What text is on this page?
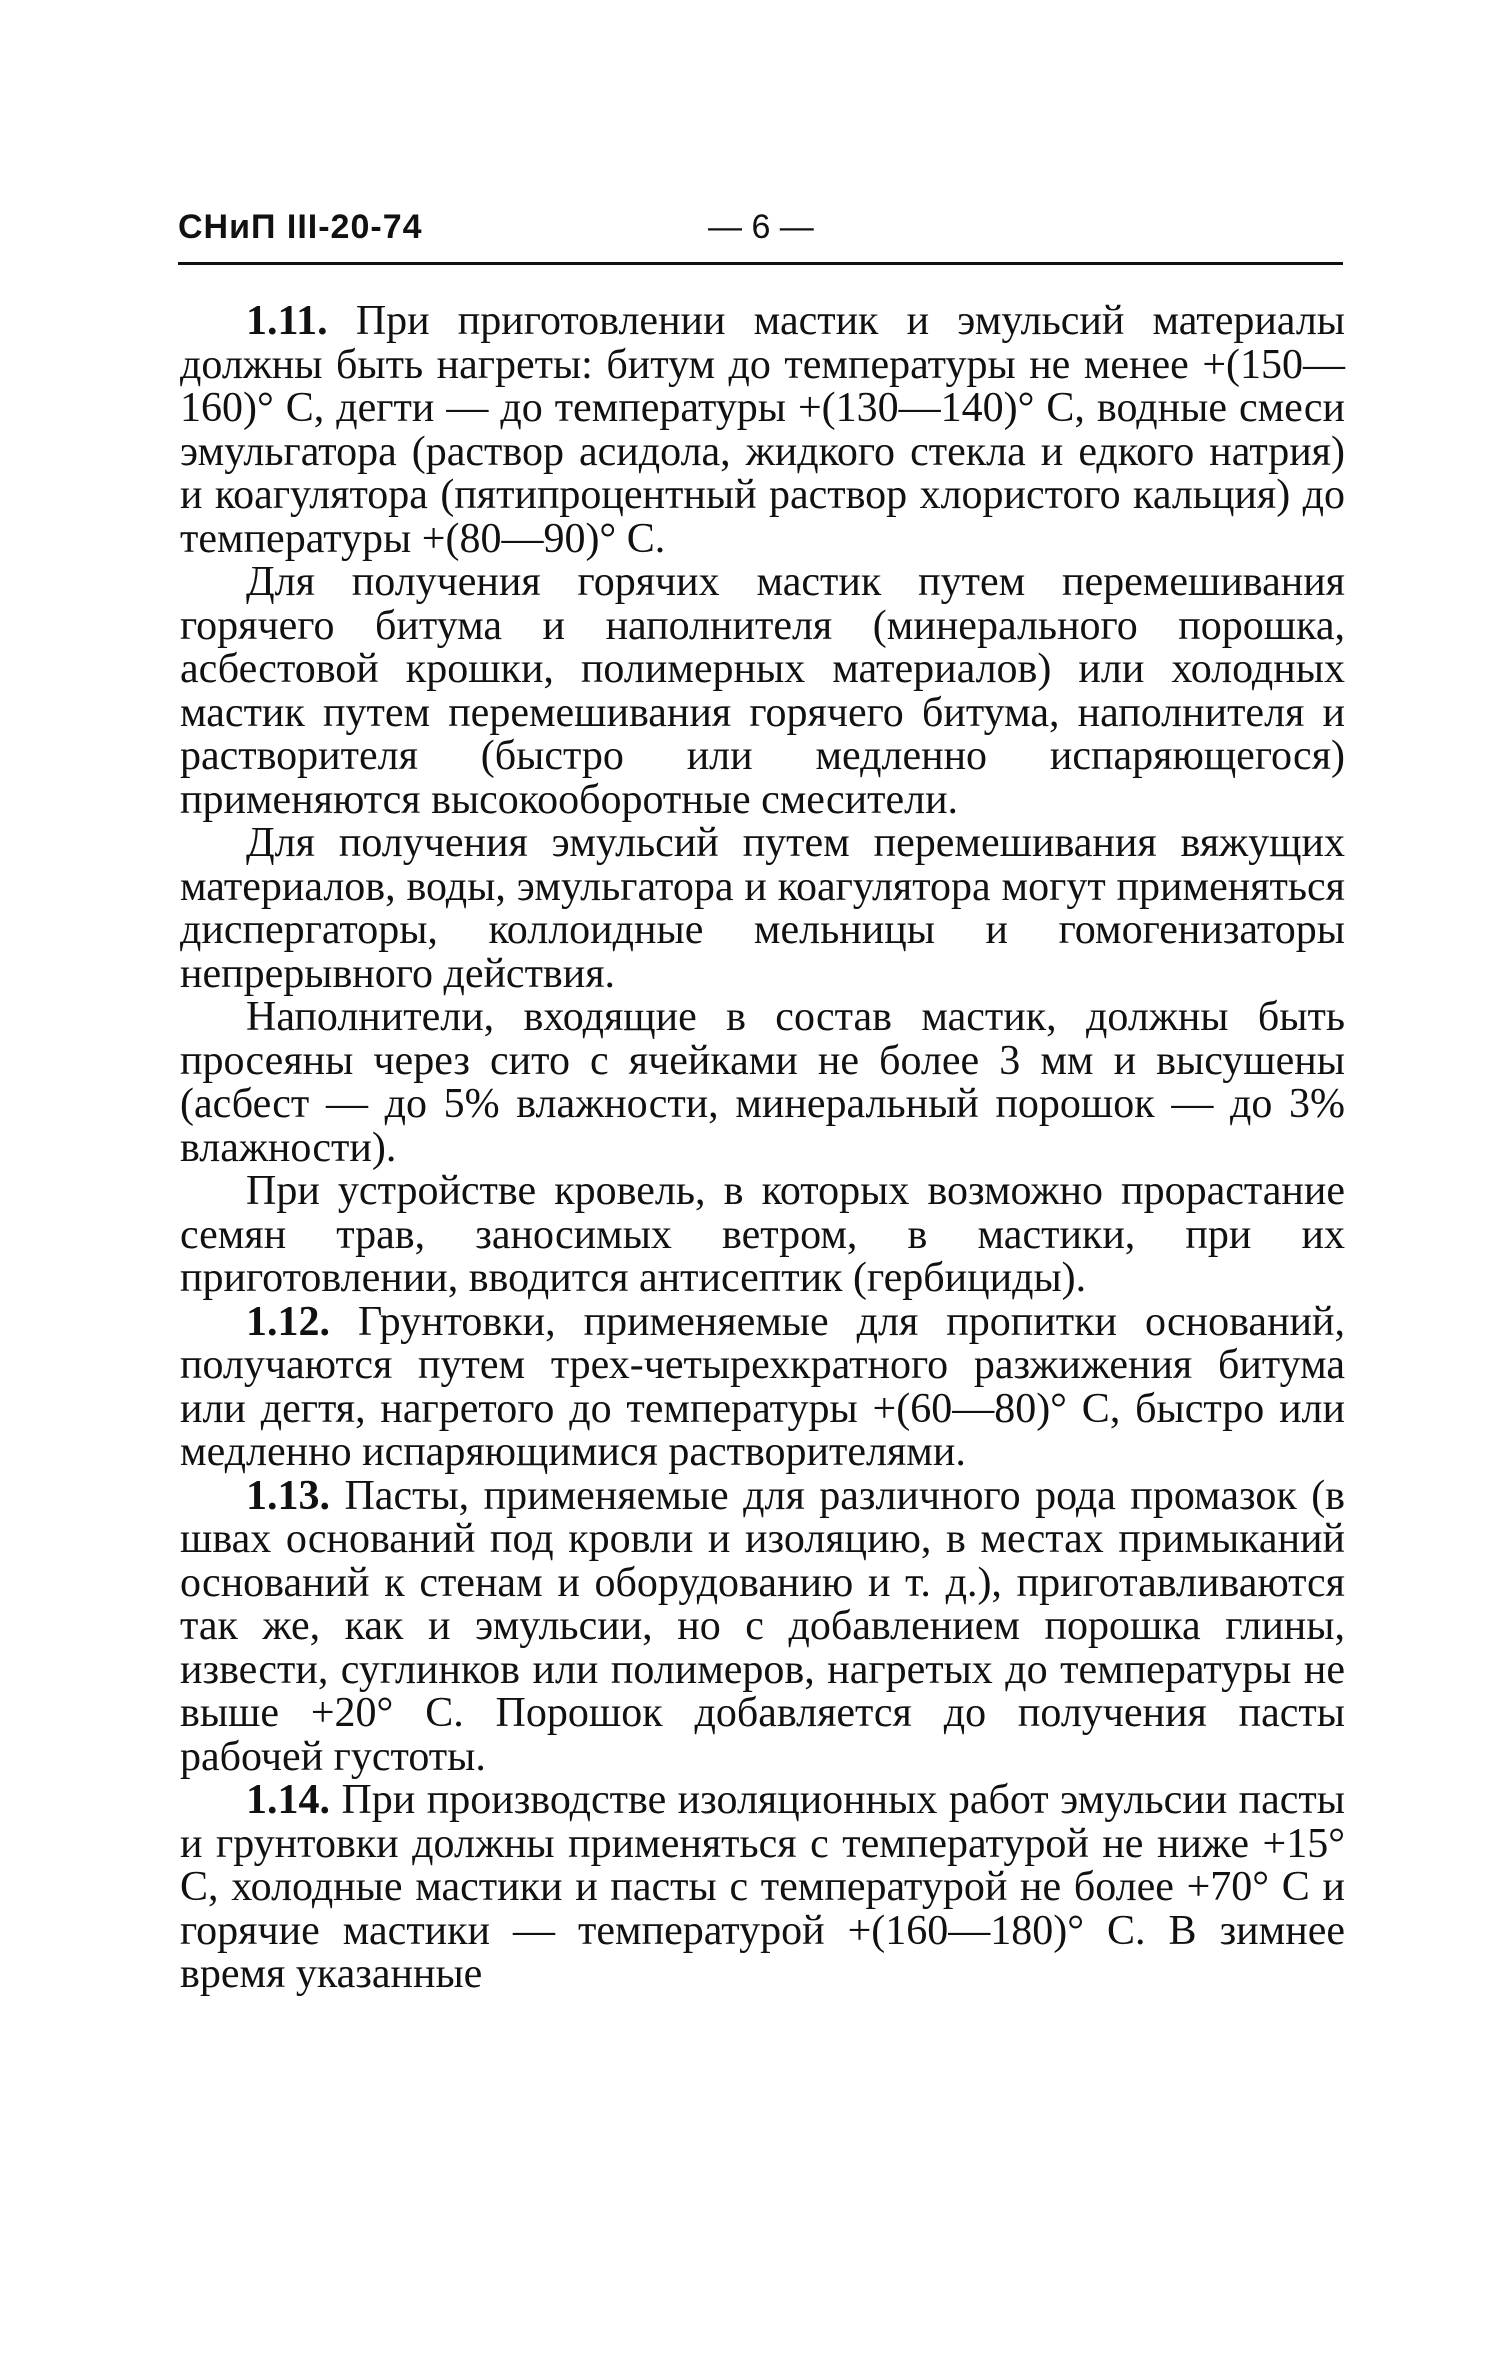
СНиП III-20-74	— 6 —

1.11. При приготовлении мастик и эмульсий материалы должны быть нагреты: битум до температуры не менее +(150—160)° С, дегти — до температуры +(130—140)° С, водные смеси эмульгатора (раствор асидола, жидкого стекла и едкого натрия) и коагулятора (пятипроцентный раствор хлористого кальция) до температуры +(80—90)° С.

Для получения горячих мастик путем перемешивания горячего битума и наполнителя (минерального порошка, асбестовой крошки, полимерных материалов) или холодных мастик путем перемешивания горячего битума, наполнителя и растворителя (быстро или медленно испаряющегося) применяются высокооборотные смесители.

Для получения эмульсий путем перемешивания вяжущих материалов, воды, эмульгатора и коагулятора могут применяться диспергаторы, коллоидные мельницы и гомогенизаторы непрерывного действия.

Наполнители, входящие в состав мастик, должны быть просеяны через сито с ячейками не более 3 мм и высушены (асбест — до 5% влажности, минеральный порошок — до 3% влажности).

При устройстве кровель, в которых возможно прорастание семян трав, заносимых ветром, в мастики, при их приготовлении, вводится антисептик (гербициды).

1.12. Грунтовки, применяемые для пропитки оснований, получаются путем трех-четырехкратного разжижения битума или дегтя, нагретого до температуры +(60—80)° С, быстро или медленно испаряющимися растворителями.

1.13. Пасты, применяемые для различного рода промазок (в швах оснований под кровли и изоляцию, в местах примыканий оснований к стенам и оборудованию и т. д.), приготавливаются так же, как и эмульсии, но с добавлением порошка глины, извести, суглинков или полимеров, нагретых до температуры не выше +20° С. Порошок добавляется до получения пасты рабочей густоты.

1.14. При производстве изоляционных работ эмульсии пасты и грунтовки должны применяться с температурой не ниже +15° С, холодные мастики и пасты с температурой не более +70° С и горячие мастики — температурой +(160—180)° С. В зимнее время указанные
